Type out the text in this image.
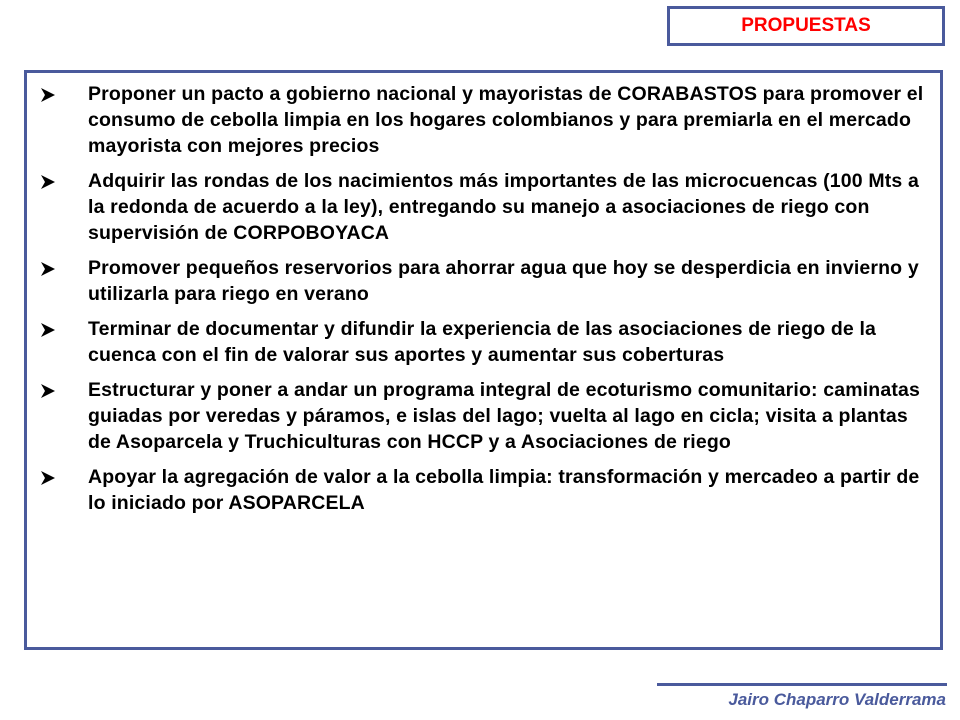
PROPUESTAS
Proponer un pacto a gobierno nacional y mayoristas de CORABASTOS para promover el consumo de cebolla limpia en los hogares colombianos y para premiarla en el mercado mayorista con mejores precios
Adquirir las rondas de los nacimientos más importantes de las microcuencas (100 Mts a la redonda de acuerdo a la ley), entregando su manejo a asociaciones de riego con supervisión de CORPOBOYACA
Promover pequeños reservorios para ahorrar agua que hoy se desperdicia en invierno y utilizarla para riego en verano
Terminar de documentar y difundir la experiencia de las asociaciones de riego de la cuenca con el fin de valorar sus aportes y aumentar sus coberturas
Estructurar y poner a andar un programa integral de ecoturismo comunitario: caminatas guiadas por veredas y páramos, e islas del lago; vuelta al lago en cicla; visita a plantas de Asoparcela y Truchiculturas con HCCP y a Asociaciones de riego
Apoyar la agregación de valor a la cebolla limpia: transformación y mercadeo a partir de lo iniciado por ASOPARCELA
Jairo Chaparro Valderrama
